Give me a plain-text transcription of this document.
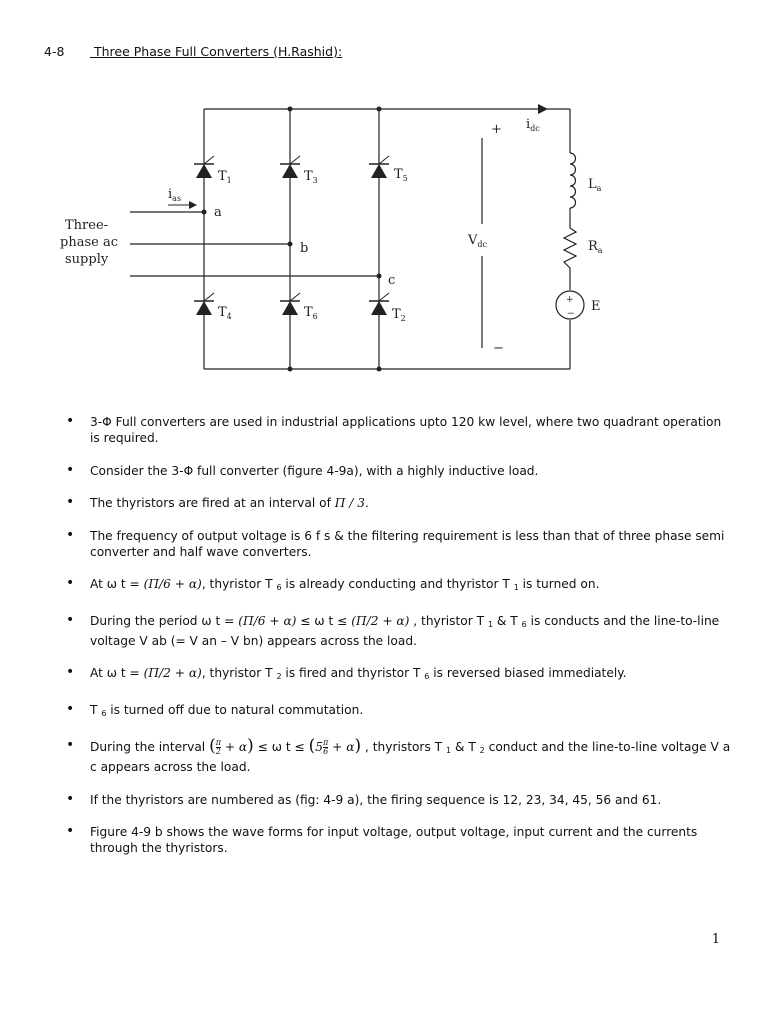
4-8 Three Phase Full Converters (H.Rashid):
Three-
phase ac
supply
$i_{as}$
a
b
c
$T_1$	$T_3$	$T_5$
$T_4$	$T_6$	$T_2$
$i_{dc}$
+
$V_{dc}$
−
$L_a$
$R_a$
E
+
−
• 3-Φ Full converters are used in industrial applications upto 120 kw level, where two quadrant operation is required.
• Consider the 3-Φ full converter (figure 4-9a), with a highly inductive load.
• The thyristors are fired at an interval of Π / 3.
• The frequency of output voltage is 6 f s & the filtering requirement is less than that of three phase semi converter and half wave converters.
• At ω t = (Π/6 + α), thyristor T $_6$ is already conducting and thyristor T $_1$ is turned on.
• During the period ω t = (Π/6 + α) ≤ ω t ≤ (Π/2 + α) , thyristor T $_1$ & T $_6$ is conducts and the line-to-line voltage V ab (= V an – V bn) appears across the load.
• At ω t = (Π/2 + α), thyristor T $_2$ is fired and thyristor T $_6$ is reversed biased immediately.
• T $_6$ is turned off due to natural commutation.
• During the interval ( $\frac{\pi}{2} + \alpha) \le \omega$ $t \le (5 \frac{\pi}{6} + \alpha)$ , thyristors T $_1$ & T $_2$ conduct and the line-to-line voltage V a c appears across the load.
• If the thyristors are numbered as (fig: 4-9 a), the firing sequence is 12, 23, 34, 45, 56 and 61.
• Figure 4-9 b shows the wave forms for input voltage, output voltage, input current and the currents through the thyristors.
1
